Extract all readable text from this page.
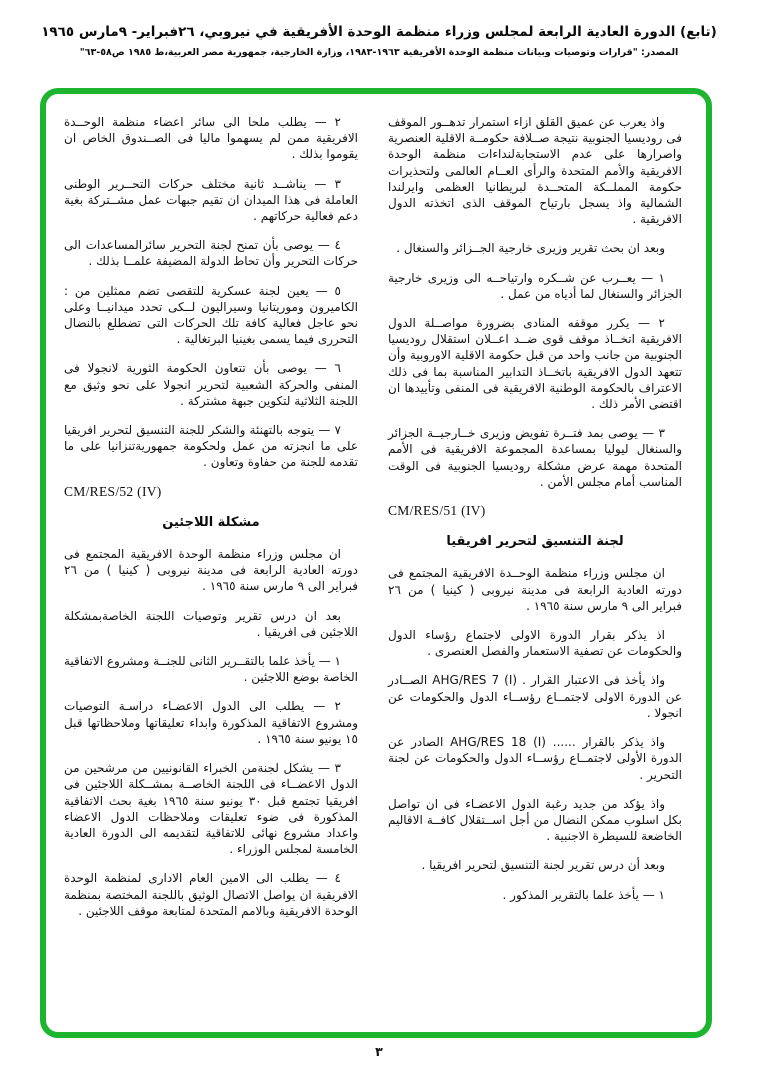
(تابع) الدورة العادية الرابعة لمجلس وزراء منظمة الوحدة الأفريقية في نيروبي، ٢٦فبراير- ٩مارس ١٩٦٥
المصدر: "قرارات وتوصيات وبيانات منظمة الوحدة الأفريقية ١٩٦٣-١٩٨٣، وزارة الخارجية، جمهورية مصر العربية،ط ١٩٨٥ ص٥٨-٦٣"
واذ يعرب عن عميق القلق ازاء استمرار تدهــور الموقف فى روديسيا الجنوبية نتيجة صــلافة حكومــة الاقلية العنصرية واصرارها على عدم الاستجابةلنداءات منظمة الوحدة الافريقية والأمم المتحدة والرأى العــام العالمى ولتحذيرات حكومة المملــكة المتحــدة لبريطانيا العظمى وايرلندا الشمالية واذ يسجل بارتياح الموقف الذى اتخذته الدول الافريقية .
وبعد ان بحث تقرير وزيرى خارجية الجــزائر والسنغال .
١ — يعــرب عن شــكره وارتياحــه الى وزيرى خارجية الجزائر والسنغال لما أدياه من عمل .
٢ — يكرر موقفه المنادى بضرورة مواصــلة الدول الافريقية اتخــاذ موقف قوى ضــد اعــلان استقلال روديسيا الجنوبية من جانب واحد من قبل حكومة الاقلية الاوروبية وأن تتعهد الدول الافريقية باتخــاذ التدابير المناسبة بما فى ذلك الاعتراف بالحكومة الوطنية الافريقية فى المنفى وتأييدها ان اقتضى الأمر ذلك .
٣ — يوصى بمد فتــرة تفويض وزيرى خــارجيــة الجزائر والسنغال ليوليا بمساعدة المجموعة الافريقية فى الأمم المتحدة مهمة عرض مشكلة روديسيا الجنوبية فى الوقت المناسب أمام مجلس الأمن .
CM/RES/51 (IV)
لجنة التنسيق لتحرير افريقيا
ان مجلس وزراء منظمة الوحــدة الافريقية المجتمع فى دورته العادية الرابعة فى مدينة نيروبى ( كينيا ) من ٢٦ فبراير الى ٩ مارس سنة ١٩٦٥ .
اذ يذكر بقرار الدورة الاولى لاجتماع رؤساء الدول والحكومات عن تصفية الاستعمار والفصل العنصرى .
واذ يأخذ فى الاعتبار القرار . AHG/RES 7 (I) الصــادر عن الدورة الاولى لاجتمــاع رؤســاء الدول والحكومات عن انجولا .
واذ يذكر بالقرار ...... AHG/RES 18 (I) الصادر عن الدورة الأولى لاجتمــاع رؤســاء الدول والحكومات عن لجنة التحرير .
واذ يؤكد من جديد رغبة الدول الاعضـاء فى ان تواصل بكل اسلوب ممكن النضال من أجل اســتقلال كافــة الاقاليم الخاضعة للسيطرة الاجنبية .
وبعد أن درس تقرير لجنة التنسيق لتحرير افريقيا .
١ — يأخذ علما بالتقرير المذكور .
٢ — يطلب ملحا الى سائر اعضاء منظمة الوحــدة الافريقية ممن لم يسهموا ماليا فى الصــندوق الخاص ان يقوموا بذلك .
٣ — يناشــد ثانية مختلف حركات التحــرير الوطنى العاملة فى هذا الميدان ان تقيم جبهات عمل مشــتركة بغية دعم فعالية حركاتهم .
٤ — يوصى بأن تمنح لجنة التحرير سائرالمساعدات الى حركات التحرير وأن تحاط الدولة المضيفة علمــا بذلك .
٥ — يعين لجنة عسكرية للتقصى تضم ممثلين من : الكاميرون وموريتانيا وسيراليون لــكى تحدد ميدانيــا وعلى نحو عاجل فعالية كافة تلك الحركات التى تضطلع بالنضال التحررى فيما يسمى بغينيا البرتغالية .
٦ — يوصى بأن تتعاون الحكومة الثورية لانجولا فى المنفى والحركة الشعبية لتحرير انجولا على نحو وثيق مع اللجنة الثلاثية لتكوين جبهة مشتركة .
٧ — يتوجه بالتهنئة والشكر للجنة التنسيق لتحرير افريقيا على ما انجزته من عمل ولحكومة جمهوريةتنزانيا على ما تقدمه للجنة من حفاوة وتعاون .
CM/RES/52 (IV)
مشكلة اللاجئين
ان مجلس وزراء منظمة الوحدة الافريقية المجتمع فى دورته العادية الرابعة فى مدينة نيروبى ( كينيا ) من ٢٦ فبراير الى ٩ مارس سنة ١٩٦٥ .
بعد ان درس تقرير وتوصيات اللجنة الخاصةبمشكلة اللاجئين فى افريقيا .
١ — يأخذ علما بالتقــرير الثانى للجنــة ومشروع الاتفاقية الخاصة بوضع اللاجئين .
٢ — يطلب الى الدول الاعضـاء دراسـة التوصيات ومشروع الاتفاقية المذكورة وابداء تعليقاتها وملاحظاتها قبل ١٥ يونيو سنة ١٩٦٥ .
٣ — يشكل لجنةمن الخبراء القانونيين من مرشحين من الدول الاعضــاء فى اللجنة الخاصــة بمشــكلة اللاجئين فى افريقيا تجتمع قبل ٣٠ يونيو سنة ١٩٦٥ بغية بحث الاتفاقية المذكورة فى ضوء تعليقات وملاحظات الدول الاعضاء واعداد مشروع نهائى للاتفاقية لتقديمه الى الدورة العادية الخامسة لمجلس الوزراء .
٤ — يطلب الى الامين العام الادارى لمنظمة الوحدة الافريقية ان يواصل الاتصال الوثيق باللجنة المختصة بمنظمة الوحدة الافريقية وبالامم المتحدة لمتابعة موقف اللاجئين .
٣
